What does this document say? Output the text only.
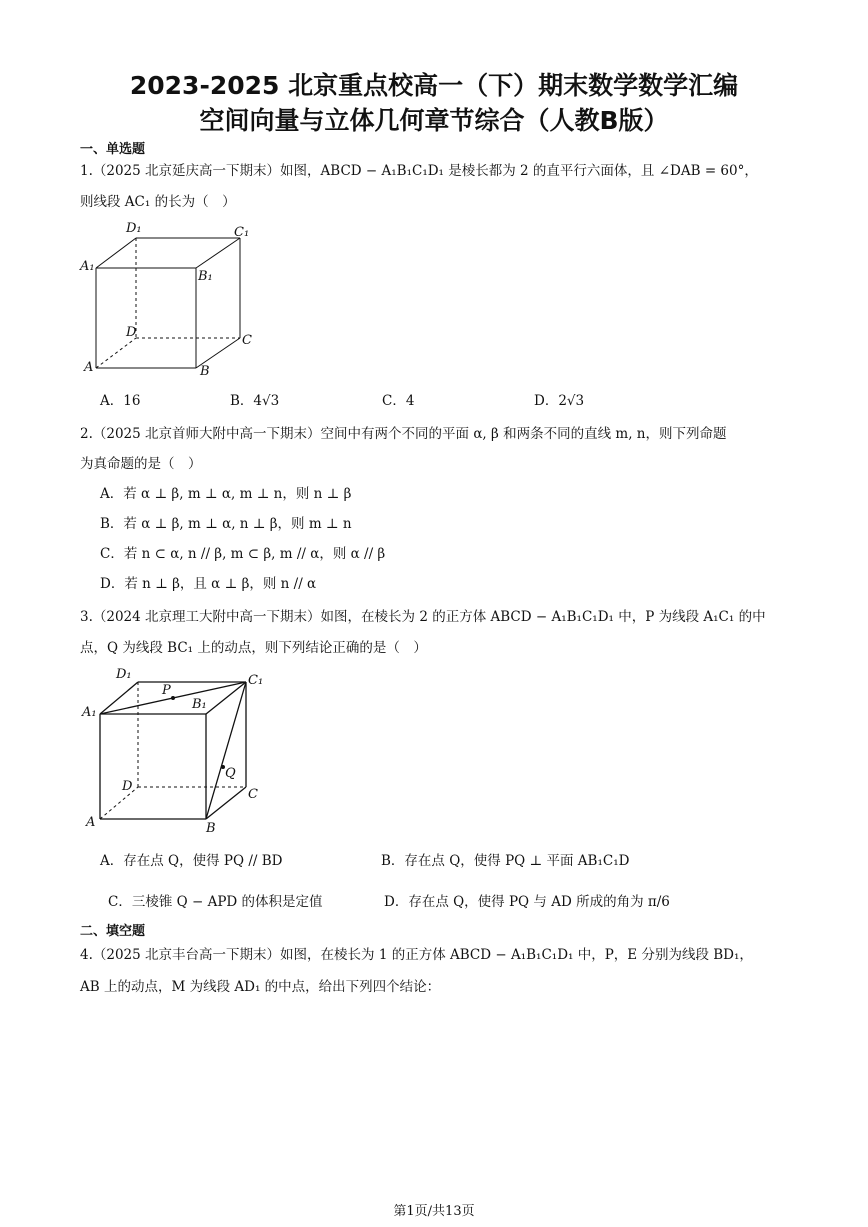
2023-2025 北京重点校高一（下）期末数学数学汇编
空间向量与立体几何章节综合（人教B版）
一、单选题
1.（2025 北京延庆高一下期末）如图，ABCD − A₁B₁C₁D₁ 是棱长都为 2 的直平行六面体，且 ∠DAB = 60°，
则线段 AC₁ 的长为（　）
D₁	C₁
A₁
B₁
D
C
A	B
A．16	B．4√3	C．4	D．2√3
2.（2025 北京首师大附中高一下期末）空间中有两个不同的平面 α, β 和两条不同的直线 m, n，则下列命题
为真命题的是（　）
A．若 α ⊥ β, m ⊥ α, m ⊥ n，则 n ⊥ β
B．若 α ⊥ β, m ⊥ α, n ⊥ β，则 m ⊥ n
C．若 n ⊂ α, n // β, m ⊂ β, m // α，则 α // β
D．若 n ⊥ β，且 α ⊥ β，则 n // α
3.（2024 北京理工大附中高一下期末）如图，在棱长为 2 的正方体 ABCD − A₁B₁C₁D₁ 中，P 为线段 A₁C₁ 的中
点，Q 为线段 BC₁ 上的动点，则下列结论正确的是（　）
D₁
P
C₁
A₁
B₁
Q
D
C
A	B
A．存在点 Q，使得 PQ // BD	B．存在点 Q，使得 PQ ⊥ 平面 AB₁C₁D
C．三棱锥 Q − APD 的体积是定值	D．存在点 Q，使得 PQ 与 AD 所成的角为 π/6
二、填空题
4.（2025 北京丰台高一下期末）如图，在棱长为 1 的正方体 ABCD − A₁B₁C₁D₁ 中，P，E 分别为线段 BD₁，
AB 上的动点，M 为线段 AD₁ 的中点，给出下列四个结论：
第1页/共13页
